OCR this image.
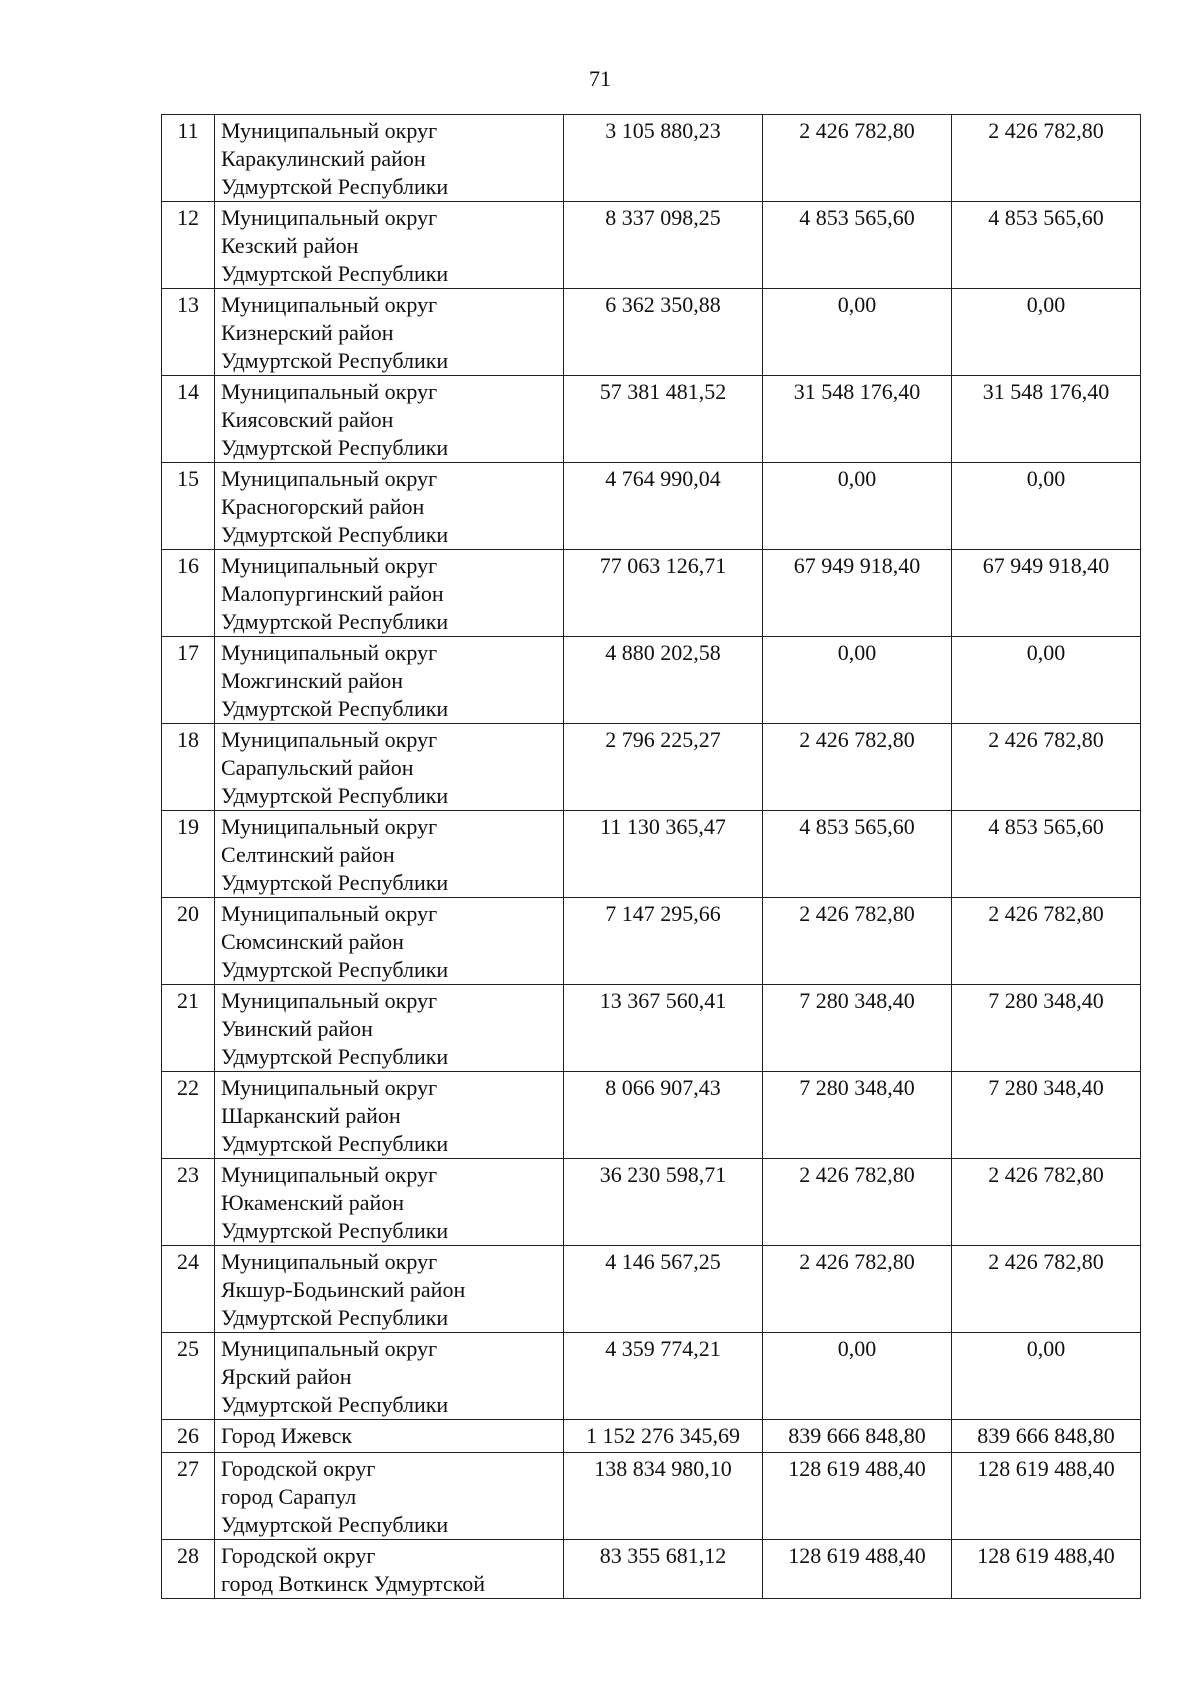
71
11	Муниципальный округ
Каракулинский район
Удмуртской Республики	3 105 880,23	2 426 782,80	2 426 782,80
12	Муниципальный округ
Кезский район
Удмуртской Республики	8 337 098,25	4 853 565,60	4 853 565,60
13	Муниципальный округ
Кизнерский район
Удмуртской Республики	6 362 350,88	0,00	0,00
14	Муниципальный округ
Киясовский район
Удмуртской Республики	57 381 481,52	31 548 176,40	31 548 176,40
15	Муниципальный округ
Красногорский район
Удмуртской Республики	4 764 990,04	0,00	0,00
16	Муниципальный округ
Малопургинский район
Удмуртской Республики	77 063 126,71	67 949 918,40	67 949 918,40
17	Муниципальный округ
Можгинский район
Удмуртской Республики	4 880 202,58	0,00	0,00
18	Муниципальный округ
Сарапульский район
Удмуртской Республики	2 796 225,27	2 426 782,80	2 426 782,80
19	Муниципальный округ
Селтинский район
Удмуртской Республики	11 130 365,47	4 853 565,60	4 853 565,60
20	Муниципальный округ
Сюмсинский район
Удмуртской Республики	7 147 295,66	2 426 782,80	2 426 782,80
21	Муниципальный округ
Увинский район
Удмуртской Республики	13 367 560,41	7 280 348,40	7 280 348,40
22	Муниципальный округ
Шарканский район
Удмуртской Республики	8 066 907,43	7 280 348,40	7 280 348,40
23	Муниципальный округ
Юкаменский район
Удмуртской Республики	36 230 598,71	2 426 782,80	2 426 782,80
24	Муниципальный округ
Якшур-Бодьинский район
Удмуртской Республики	4 146 567,25	2 426 782,80	2 426 782,80
25	Муниципальный округ
Ярский район
Удмуртской Республики	4 359 774,21	0,00	0,00
26	Город Ижевск	1 152 276 345,69	839 666 848,80	839 666 848,80
27	Городской округ
город Сарапул
Удмуртской Республики	138 834 980,10	128 619 488,40	128 619 488,40
28	Городской округ
город Воткинск Удмуртской	83 355 681,12	128 619 488,40	128 619 488,40
